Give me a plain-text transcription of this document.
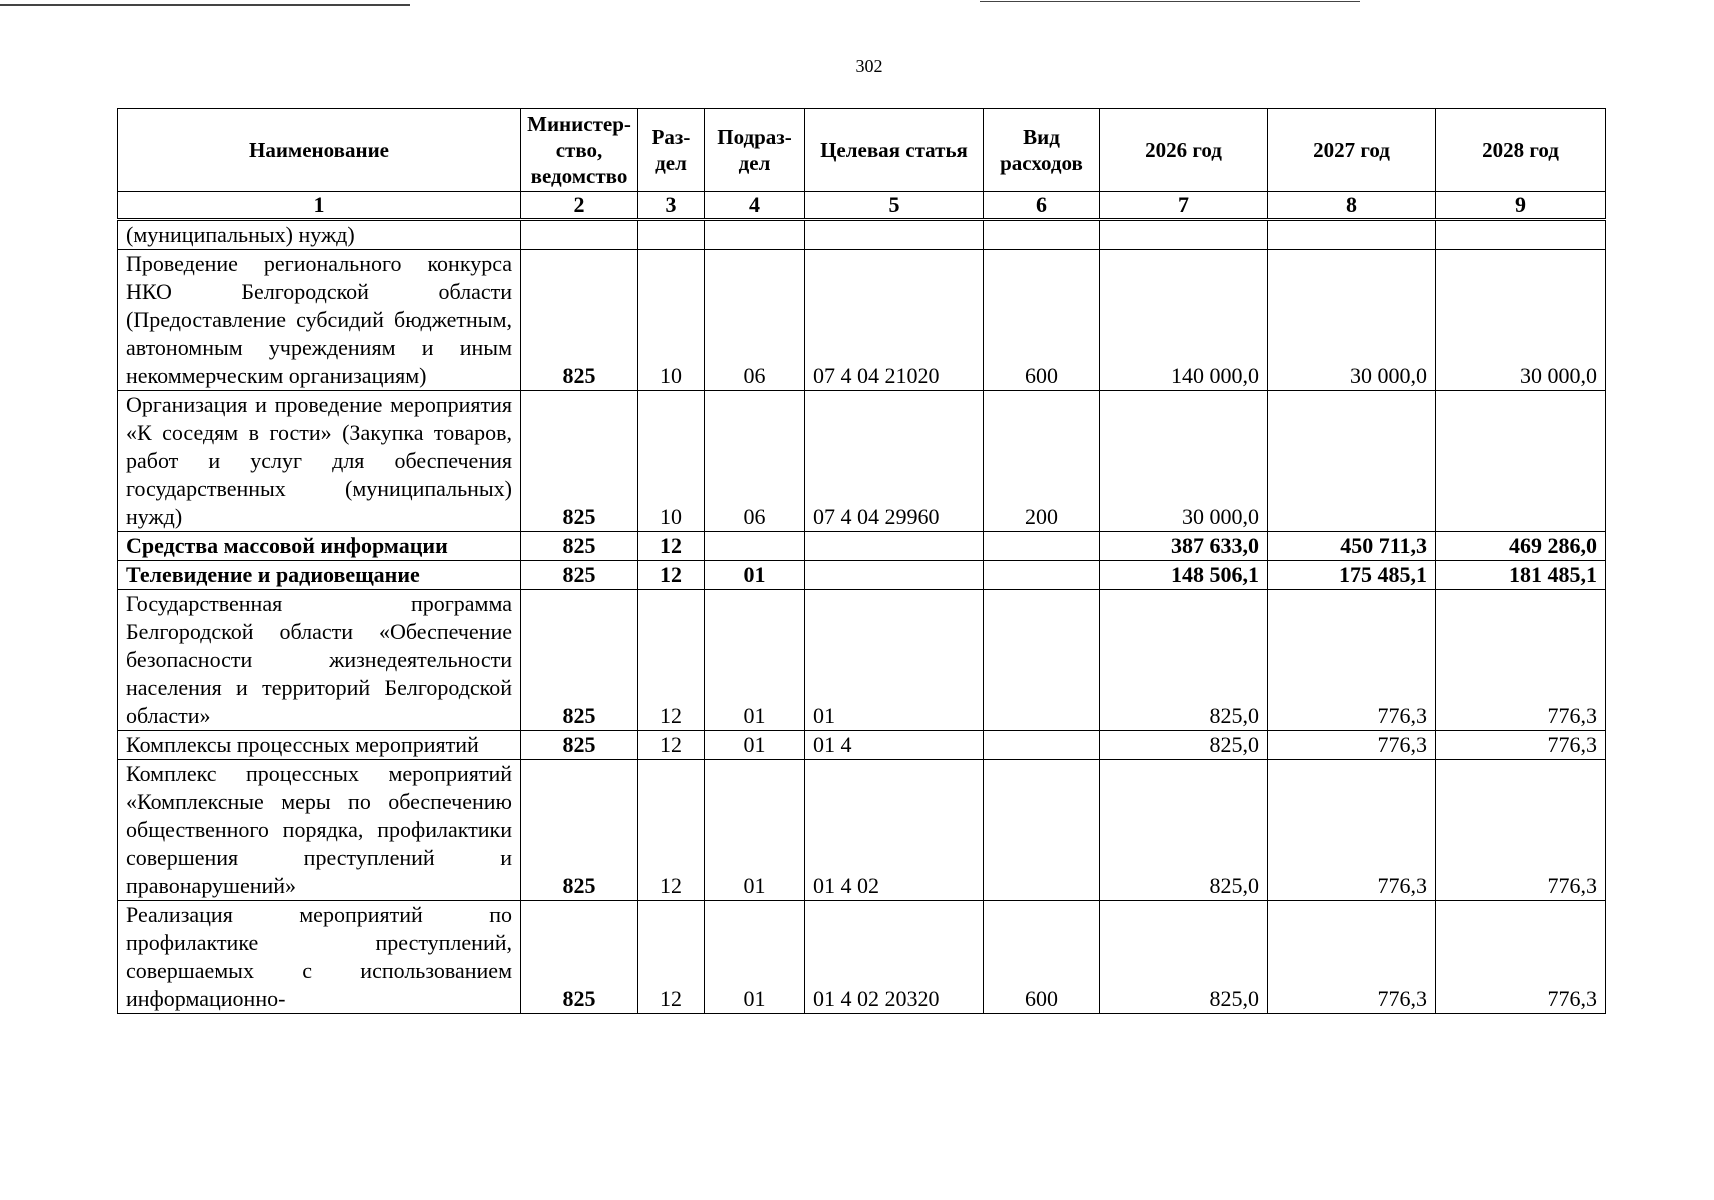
302
Наименование	Министер-ство, ведомство	Раз-дел	Подраз-дел	Целевая статья	Вид расходов	2026 год	2027 год	2028 год
1	2	3	4	5	6	7	8	9
(муниципальных) нужд)								
Проведение регионального конкурса НКО Белгородской области (Предоставление субсидий бюджетным, автономным учреждениям и иным некоммерческим организациям)	825	10	06	07 4 04 21020	600	140 000,0	30 000,0	30 000,0
Организация и проведение мероприятия «К соседям в гости» (Закупка товаров, работ и услуг для обеспечения государственных (муниципальных) нужд)	825	10	06	07 4 04 29960	200	30 000,0		
Средства массовой информации	825	12				387 633,0	450 711,3	469 286,0
Телевидение и радиовещание	825	12	01			148 506,1	175 485,1	181 485,1
Государственная программа Белгородской области «Обеспечение безопасности жизнедеятельности населения и территорий Белгородской области»	825	12	01	01		825,0	776,3	776,3
Комплексы процессных мероприятий	825	12	01	01 4		825,0	776,3	776,3
Комплекс процессных мероприятий «Комплексные меры по обеспечению общественного порядка, профилактики совершения преступлений и правонарушений»	825	12	01	01 4 02		825,0	776,3	776,3
Реализация мероприятий по профилактике преступлений, совершаемых с использованием информационно-	825	12	01	01 4 02 20320	600	825,0	776,3	776,3
